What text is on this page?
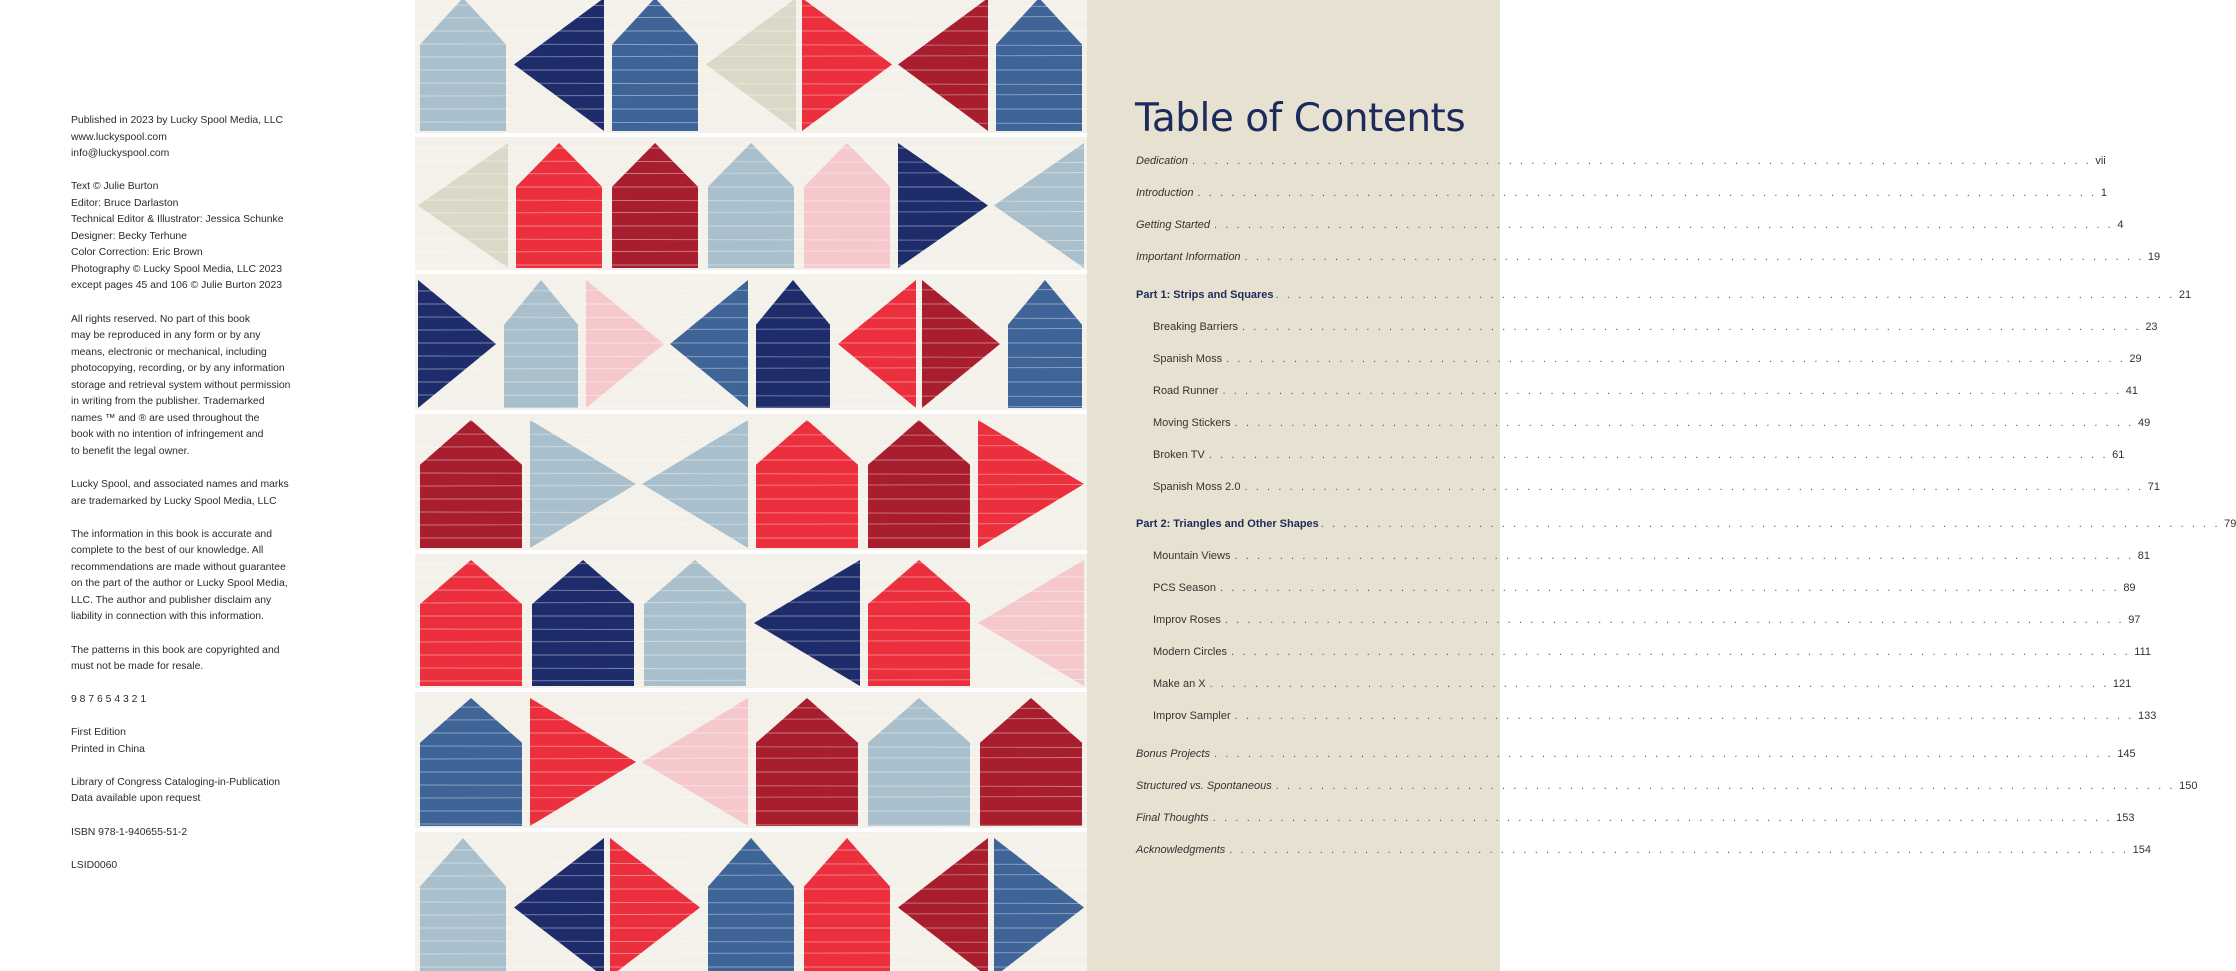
Published in 2023 by Lucky Spool Media, LLC
www.luckyspool.com
info@luckyspool.com
Text © Julie Burton
Editor: Bruce Darlaston
Technical Editor & Illustrator: Jessica Schunke
Designer: Becky Terhune
Color Correction: Eric Brown
Photography © Lucky Spool Media, LLC 2023
except pages 45 and 106 © Julie Burton 2023
All rights reserved. No part of this book
may be reproduced in any form or by any
means, electronic or mechanical, including
photocopying, recording, or by any information
storage and retrieval system without permission
in writing from the publisher. Trademarked
names ™ and ® are used throughout the
book with no intention of infringement and
to benefit the legal owner.
Lucky Spool, and associated names and marks
are trademarked by Lucky Spool Media, LLC
The information in this book is accurate and
complete to the best of our knowledge. All
recommendations are made without guarantee
on the part of the author or Lucky Spool Media,
LLC. The author and publisher disclaim any
liability in connection with this information.
The patterns in this book are copyrighted and
must not be made for resale.
9 8 7 6 5 4 3 2 1
First Edition
Printed in China
Library of Congress Cataloging-in-Publication
Data available upon request
ISBN 978-1-940655-51-2
LSID0060
Table of Contents
Dedication . . . . . . . . . . . . . . . . . . . . . . . . . . . . . . . . . . . . . . . . . . . . . . . . . . . . . . . . . . . . . . . . . . . . . . . . . . . . . . . . vii
Introduction . . . . . . . . . . . . . . . . . . . . . . . . . . . . . . . . . . . . . . . . . . . . . . . . . . . . . . . . . . . . . . . . . . . . . . . . . . . . . . . . 1
Getting Started . . . . . . . . . . . . . . . . . . . . . . . . . . . . . . . . . . . . . . . . . . . . . . . . . . . . . . . . . . . . . . . . . . . . . . . . . . . . . . . . 4
Important Information . . . . . . . . . . . . . . . . . . . . . . . . . . . . . . . . . . . . . . . . . . . . . . . . . . . . . . . . . . . . . . . . . . . . . . . . . . . . . . . . 19
Part 1: Strips and Squares . . . . . . . . . . . . . . . . . . . . . . . . . . . . . . . . . . . . . . . . . . . . . . . . . . . . . . . . . . . . . . . . . . . . . . . . . . . . . . . . 21
Breaking Barriers . . . . . . . . . . . . . . . . . . . . . . . . . . . . . . . . . . . . . . . . . . . . . . . . . . . . . . . . . . . . . . . . . . . . . . . . . . . . . . . . 23
Spanish Moss . . . . . . . . . . . . . . . . . . . . . . . . . . . . . . . . . . . . . . . . . . . . . . . . . . . . . . . . . . . . . . . . . . . . . . . . . . . . . . . . 29
Road Runner . . . . . . . . . . . . . . . . . . . . . . . . . . . . . . . . . . . . . . . . . . . . . . . . . . . . . . . . . . . . . . . . . . . . . . . . . . . . . . . . 41
Moving Stickers . . . . . . . . . . . . . . . . . . . . . . . . . . . . . . . . . . . . . . . . . . . . . . . . . . . . . . . . . . . . . . . . . . . . . . . . . . . . . . . . 49
Broken TV . . . . . . . . . . . . . . . . . . . . . . . . . . . . . . . . . . . . . . . . . . . . . . . . . . . . . . . . . . . . . . . . . . . . . . . . . . . . . . . . 61
Spanish Moss 2.0 . . . . . . . . . . . . . . . . . . . . . . . . . . . . . . . . . . . . . . . . . . . . . . . . . . . . . . . . . . . . . . . . . . . . . . . . . . . . . . . . 71
Part 2: Triangles and Other Shapes . . . . . . . . . . . . . . . . . . . . . . . . . . . . . . . . . . . . . . . . . . . . . . . . . . . . . . . . . . . . . . . . . . . . . . . . . . . . . . . . 79
Mountain Views . . . . . . . . . . . . . . . . . . . . . . . . . . . . . . . . . . . . . . . . . . . . . . . . . . . . . . . . . . . . . . . . . . . . . . . . . . . . . . . . 81
PCS Season . . . . . . . . . . . . . . . . . . . . . . . . . . . . . . . . . . . . . . . . . . . . . . . . . . . . . . . . . . . . . . . . . . . . . . . . . . . . . . . . 89
Improv Roses . . . . . . . . . . . . . . . . . . . . . . . . . . . . . . . . . . . . . . . . . . . . . . . . . . . . . . . . . . . . . . . . . . . . . . . . . . . . . . . . 97
Modern Circles . . . . . . . . . . . . . . . . . . . . . . . . . . . . . . . . . . . . . . . . . . . . . . . . . . . . . . . . . . . . . . . . . . . . . . . . . . . . . . . . 111
Make an X . . . . . . . . . . . . . . . . . . . . . . . . . . . . . . . . . . . . . . . . . . . . . . . . . . . . . . . . . . . . . . . . . . . . . . . . . . . . . . . . 121
Improv Sampler . . . . . . . . . . . . . . . . . . . . . . . . . . . . . . . . . . . . . . . . . . . . . . . . . . . . . . . . . . . . . . . . . . . . . . . . . . . . . . . . 133
Bonus Projects . . . . . . . . . . . . . . . . . . . . . . . . . . . . . . . . . . . . . . . . . . . . . . . . . . . . . . . . . . . . . . . . . . . . . . . . . . . . . . . . 145
Structured vs. Spontaneous . . . . . . . . . . . . . . . . . . . . . . . . . . . . . . . . . . . . . . . . . . . . . . . . . . . . . . . . . . . . . . . . . . . . . . . . . . . . . . . . 150
Final Thoughts . . . . . . . . . . . . . . . . . . . . . . . . . . . . . . . . . . . . . . . . . . . . . . . . . . . . . . . . . . . . . . . . . . . . . . . . . . . . . . . . 153
Acknowledgments . . . . . . . . . . . . . . . . . . . . . . . . . . . . . . . . . . . . . . . . . . . . . . . . . . . . . . . . . . . . . . . . . . . . . . . . . . . . . . . . 154
